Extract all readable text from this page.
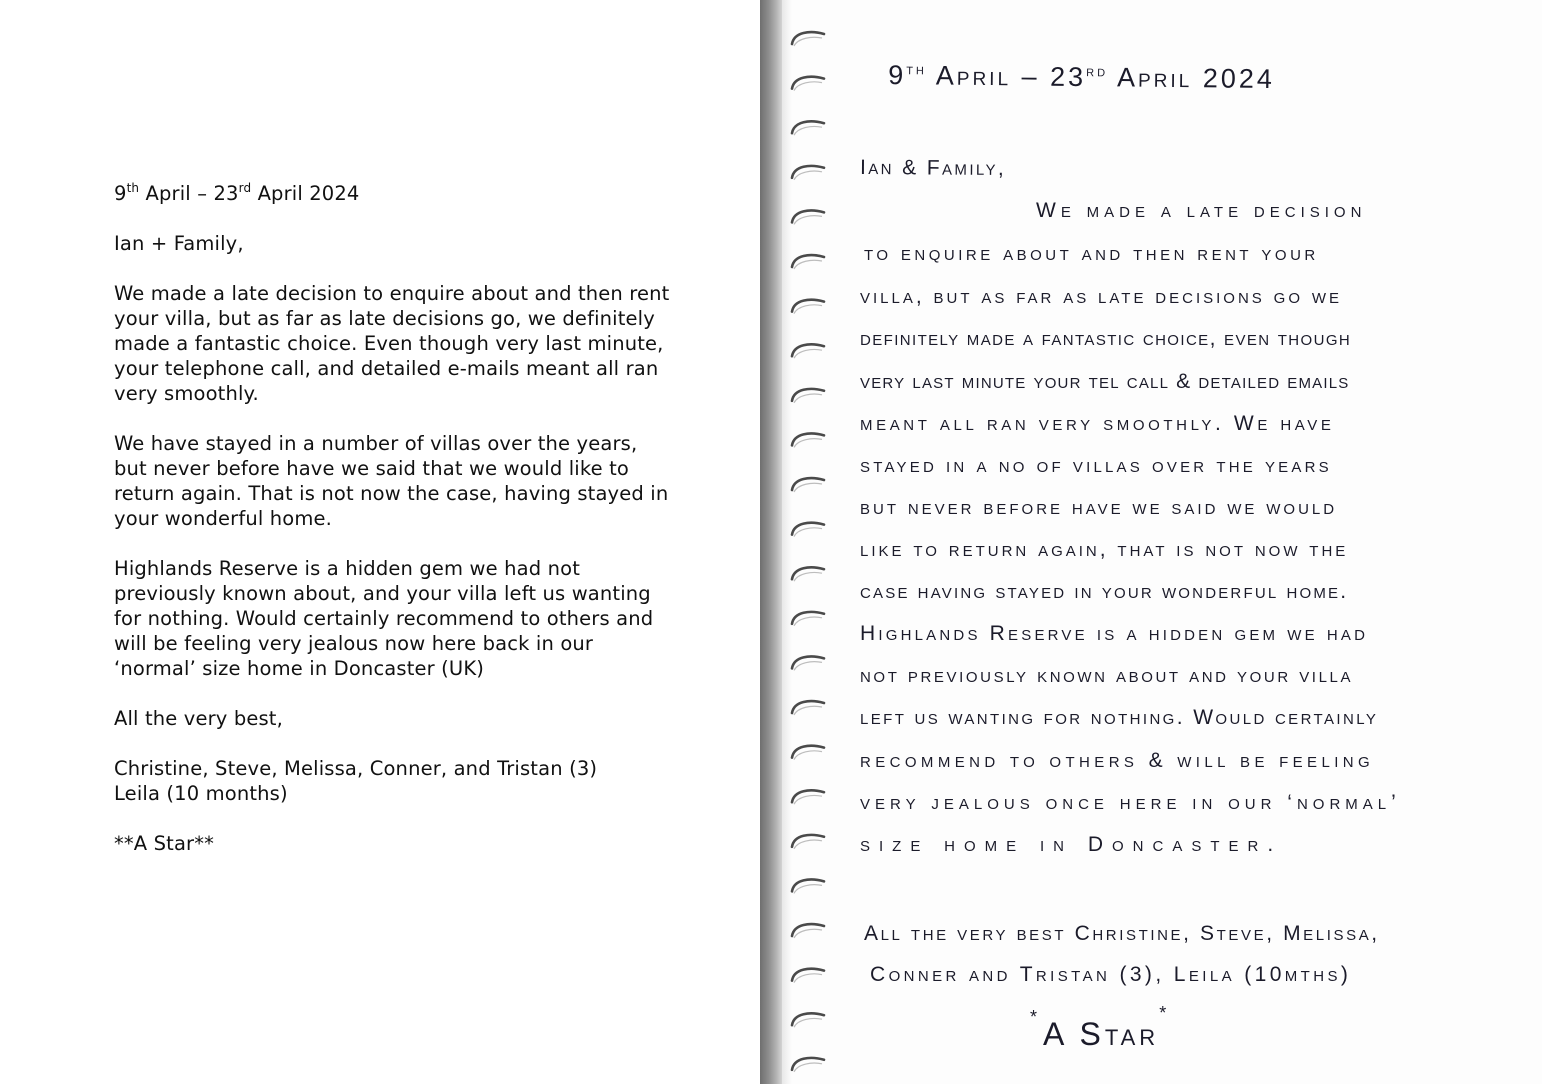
9th April – 23rd April 2024

Ian + Family,

We made a late decision to enquire about and then rent your villa, but as far as late decisions go, we definitely made a fantastic choice. Even though very last minute, your telephone call, and detailed e-mails meant all ran very smoothly.

We have stayed in a number of villas over the years, but never before have we said that we would like to return again. That is not now the case, having stayed in your wonderful home.

Highlands Reserve is a hidden gem we had not previously known about, and your villa left us wanting for nothing. Would certainly recommend to others and will be feeling very jealous now here back in our ‘normal’ size home in Doncaster (UK)

All the very best,

Christine, Steve, Melissa, Conner, and Tristan (3)
Leila (10 months)

**A Star**

9th April – 23rd April 2024
Ian & Family,
We made a late decision
to enquire about and then rent your
villa, but as far as late decisions go we
definitely made a fantastic choice, even though
very last minute your tel call & detailed emails
meant all ran very smoothly. We have
stayed in a no of villas over the years
but never before have we said we would
like to return again, that is not now the
case having stayed in your wonderful home.
Highlands Reserve is a hidden gem we had
not previously known about and your villa
left us wanting for nothing. Would certainly
recommend to others & will be feeling
very jealous once here in our ‘normal’
size home in Doncaster.
All the very best Christine, Steve, Melissa,
Conner and Tristan (3), Leila (10mths)
*A Star*
